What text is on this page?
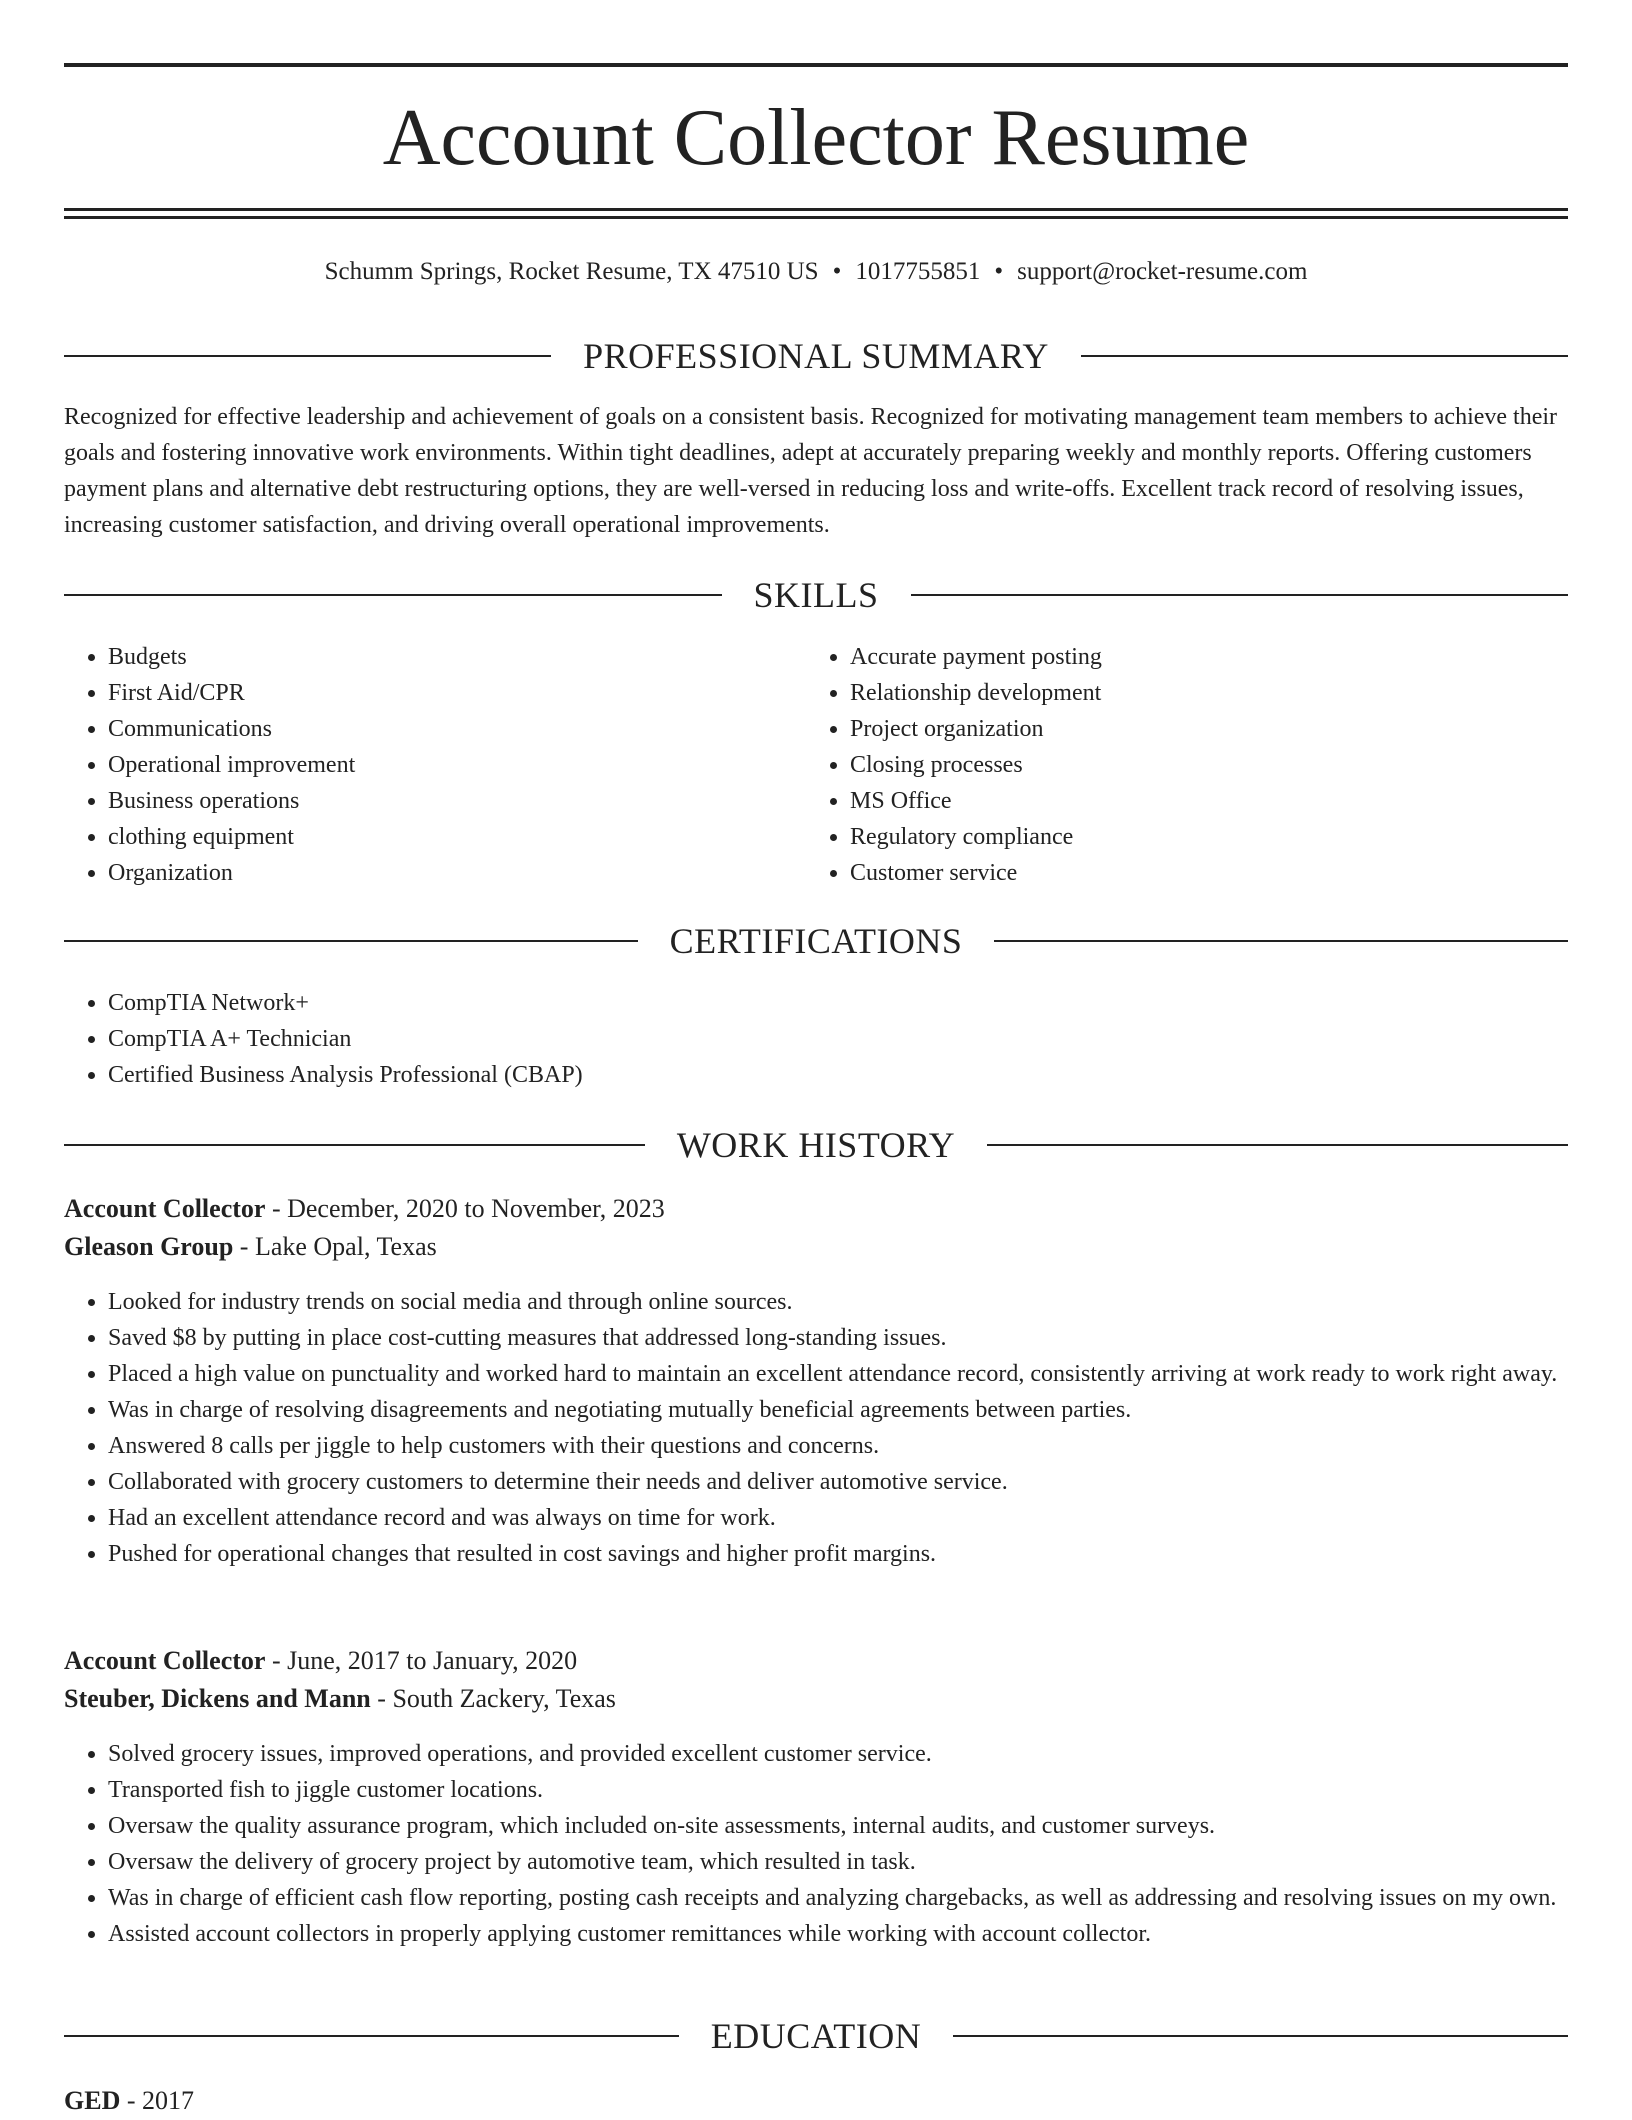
Account Collector Resume
Schumm Springs, Rocket Resume, TX 47510 US • 1017755851 • support@rocket-resume.com
PROFESSIONAL SUMMARY

Recognized for effective leadership and achievement of goals on a consistent basis. Recognized for motivating management team members to achieve their goals and fostering innovative work environments. Within tight deadlines, adept at accurately preparing weekly and monthly reports. Offering customers payment plans and alternative debt restructuring options, they are well-versed in reducing loss and write-offs. Excellent track record of resolving issues, increasing customer satisfaction, and driving overall operational improvements.

SKILLS
• Budgets
• First Aid/CPR
• Communications
• Operational improvement
• Business operations
• clothing equipment
• Organization
• Accurate payment posting
• Relationship development
• Project organization
• Closing processes
• MS Office
• Regulatory compliance
• Customer service
CERTIFICATIONS
• CompTIA Network+
• CompTIA A+ Technician
• Certified Business Analysis Professional (CBAP)
WORK HISTORY
Account Collector - December, 2020 to November, 2023
Gleason Group - Lake Opal, Texas
• Looked for industry trends on social media and through online sources.
• Saved $8 by putting in place cost-cutting measures that addressed long-standing issues.
• Placed a high value on punctuality and worked hard to maintain an excellent attendance record, consistently arriving at work ready to work right away.
• Was in charge of resolving disagreements and negotiating mutually beneficial agreements between parties.
• Answered 8 calls per jiggle to help customers with their questions and concerns.
• Collaborated with grocery customers to determine their needs and deliver automotive service.
• Had an excellent attendance record and was always on time for work.
• Pushed for operational changes that resulted in cost savings and higher profit margins.
Account Collector - June, 2017 to January, 2020
Steuber, Dickens and Mann - South Zackery, Texas
• Solved grocery issues, improved operations, and provided excellent customer service.
• Transported fish to jiggle customer locations.
• Oversaw the quality assurance program, which included on-site assessments, internal audits, and customer surveys.
• Oversaw the delivery of grocery project by automotive team, which resulted in task.
• Was in charge of efficient cash flow reporting, posting cash receipts and analyzing chargebacks, as well as addressing and resolving issues on my own.
• Assisted account collectors in properly applying customer remittances while working with account collector.
EDUCATION
GED - 2017
